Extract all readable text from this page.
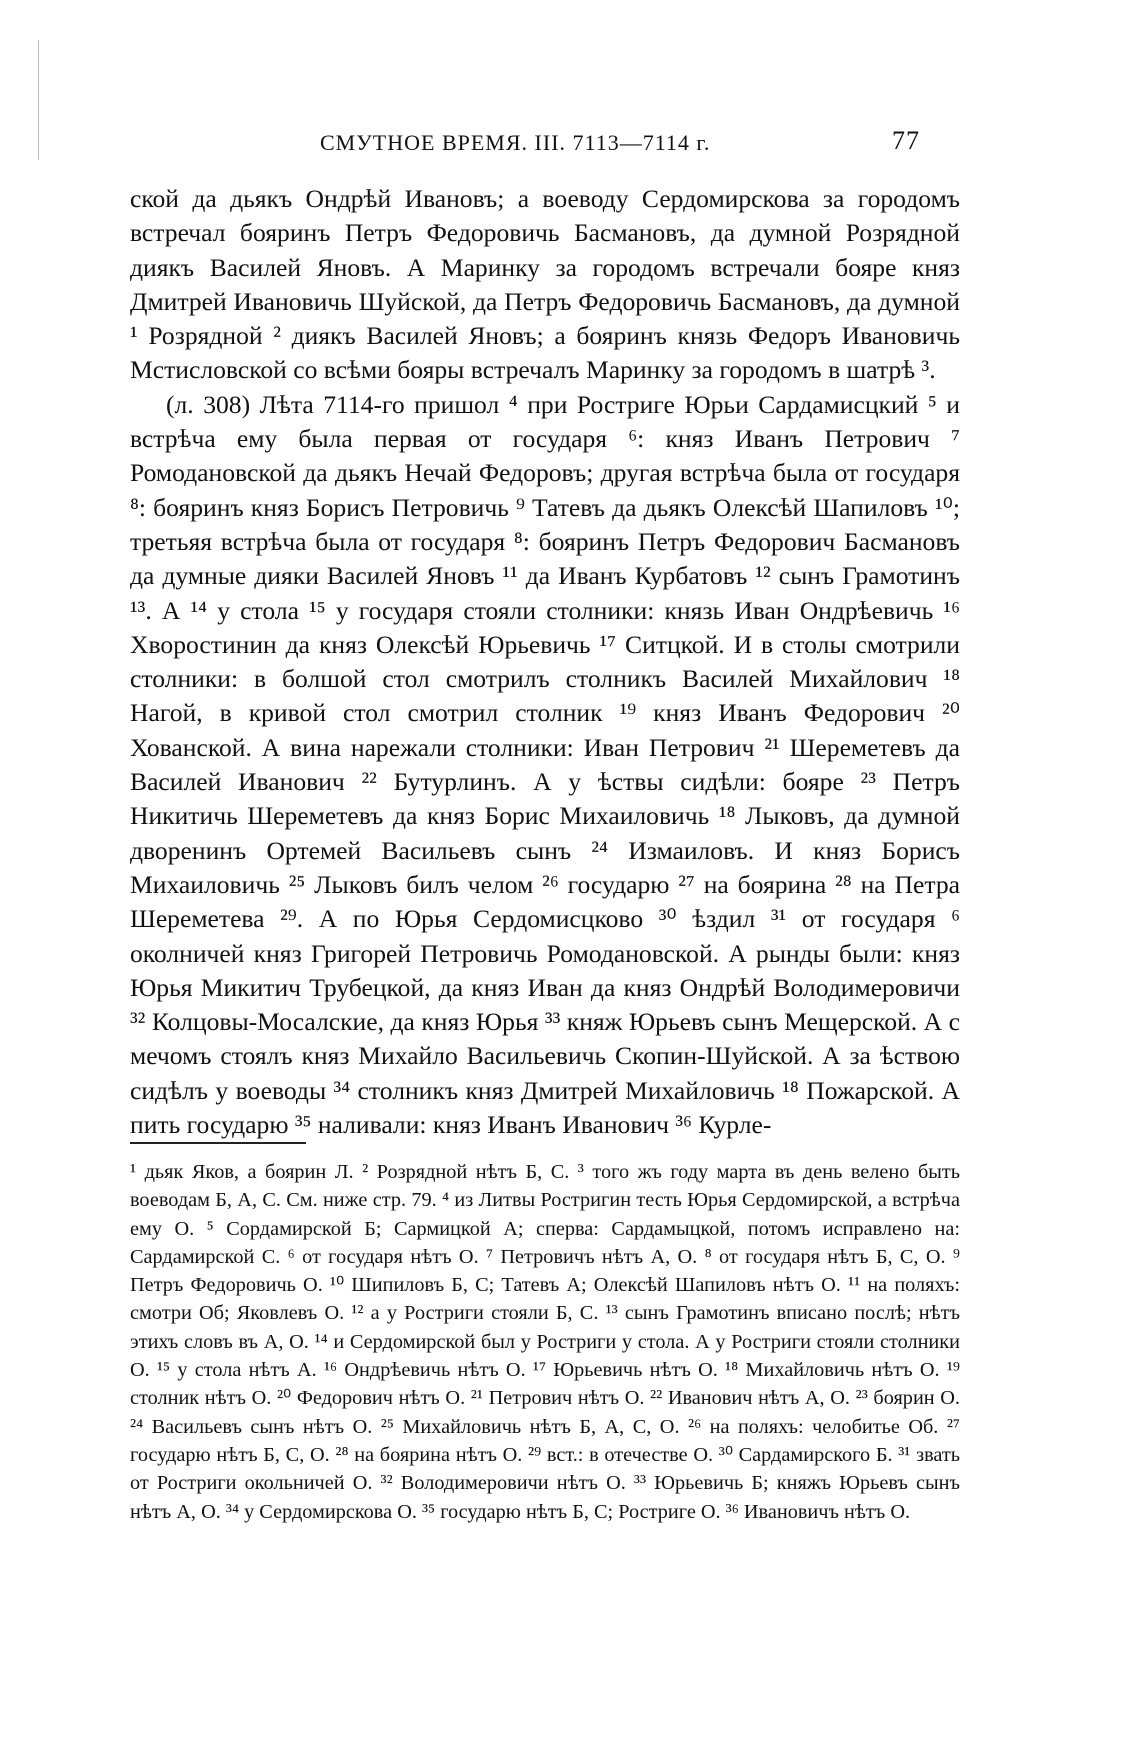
СМУТНОЕ ВРЕМЯ. III. 7113—7114 г.	77

ской да дьякъ Ондрѣй Ивановъ; а воеводу Сердомирскова за городомъ встречал бояринъ Петръ Федоровичь Басмановъ, да думной Розрядной диякъ Василей Яновъ. А Маринку за городомъ встречали бояре княз Дмитрей Ивановичь Шуйской, да Петръ Федоровичь Басмановъ, да думной ¹ Розрядной ² диякъ Василей Яновъ; а бояринъ князь Федоръ Ивановичь Мстисловской со всѣми бояры встречалъ Маринку за городомъ в шатрѣ ³.

(л. 308) Лѣта 7114-го пришол ⁴ при Ростриге Юрьи Сардамисцкий ⁵ и встрѣча ему была первая от государя ⁶: княз Иванъ Петрович ⁷ Ромодановской да дьякъ Нечай Федоровъ; другая встрѣча была от государя ⁸: бояринъ княз Борисъ Петровичь ⁹ Татевъ да дьякъ Олексѣй Шапиловъ ¹⁰; третьяя встрѣча была от государя ⁸: бояринъ Петръ Федорович Басмановъ да думные дияки Василей Яновъ ¹¹ да Иванъ Курбатовъ ¹² сынъ Грамотинъ ¹³. А ¹⁴ у стола ¹⁵ у государя стояли столники: князь Иван Ондрѣевичь ¹⁶ Хворостинин да княз Олексѣй Юрьевичь ¹⁷ Ситцкой. И в столы смотрили столники: в болшой стол смотрилъ столникъ Василей Михайлович ¹⁸ Нагой, в кривой стол смотрил столник ¹⁹ княз Иванъ Федорович ²⁰ Хованской. А вина нарежали столники: Иван Петрович ²¹ Шереметевъ да Василей Иванович ²² Бутурлинъ. А у ѣствы сидѣли: бояре ²³ Петръ Никитичь Шереметевъ да княз Борис Михаиловичь ¹⁸ Лыковъ, да думной дворенинъ Ортемей Васильевъ сынъ ²⁴ Измаиловъ. И княз Борисъ Михаиловичь ²⁵ Лыковъ билъ челом ²⁶ государю ²⁷ на боярина ²⁸ на Петра Шереметева ²⁹. А по Юрья Сердомисцково ³⁰ ѣздил ³¹ от государя ⁶ околничей княз Григорей Петровичь Ромодановской. А рынды были: княз Юрья Микитич Трубецкой, да княз Иван да княз Ондрѣй Володимеровичи ³² Колцовы-Мосалские, да княз Юрья ³³ княж Юрьевъ сынъ Мещерской. А с мечомъ стоялъ княз Михайло Васильевичь Скопин-Шуйской. А за ѣствою сидѣлъ у воеводы ³⁴ столникъ княз Дмитрей Михайловичь ¹⁸ Пожарской. А пить государю ³⁵ наливали: княз Иванъ Иванович ³⁶ Курле-

¹ дьяк Яков, а боярин Л. ² Розрядной нѣтъ Б, С. ³ того жъ году марта въ день велено быть воеводам Б, А, С. См. ниже стр. 79. ⁴ из Литвы Ростригин тесть Юрья Сердомирской, а встрѣча ему О. ⁵ Сордамирской Б; Сармицкой А; сперва: Сардамыцкой, потомъ исправлено на: Сардамирской С. ⁶ от государя нѣтъ О. ⁷ Петровичъ нѣтъ А, О. ⁸ от государя нѣтъ Б, С, О. ⁹ Петръ Федоровичь О. ¹⁰ Шипиловъ Б, С; Татевъ А; Олексѣй Шапиловъ нѣтъ О. ¹¹ на поляхъ: смотри Об; Яковлевъ О. ¹² а у Ростриги стояли Б, С. ¹³ сынъ Грамотинъ вписано послѣ; нѣтъ этихъ словъ въ А, О. ¹⁴ и Сердомирской был у Ростриги у стола. А у Ростриги стояли столники О. ¹⁵ у стола нѣтъ А. ¹⁶ Ондрѣевичь нѣтъ О. ¹⁷ Юрьевичь нѣтъ О. ¹⁸ Михайловичь нѣтъ О. ¹⁹ столник нѣтъ О. ²⁰ Федорович нѣтъ О. ²¹ Петрович нѣтъ О. ²² Иванович нѣтъ А, О. ²³ боярин О. ²⁴ Васильевъ сынъ нѣтъ О. ²⁵ Михайловичь нѣтъ Б, А, С, О. ²⁶ на поляхъ: челобитье Об. ²⁷ государю нѣтъ Б, С, О. ²⁸ на боярина нѣтъ О. ²⁹ вст.: в отечестве О. ³⁰ Сардамирского Б. ³¹ звать от Ростриги окольничей О. ³² Володимеровичи нѣтъ О. ³³ Юрьевичь Б; княжъ Юрьевъ сынъ нѣтъ А, О. ³⁴ у Сердомирскова О. ³⁵ государю нѣтъ Б, С; Ростриге О. ³⁶ Ивановичъ нѣтъ О.
